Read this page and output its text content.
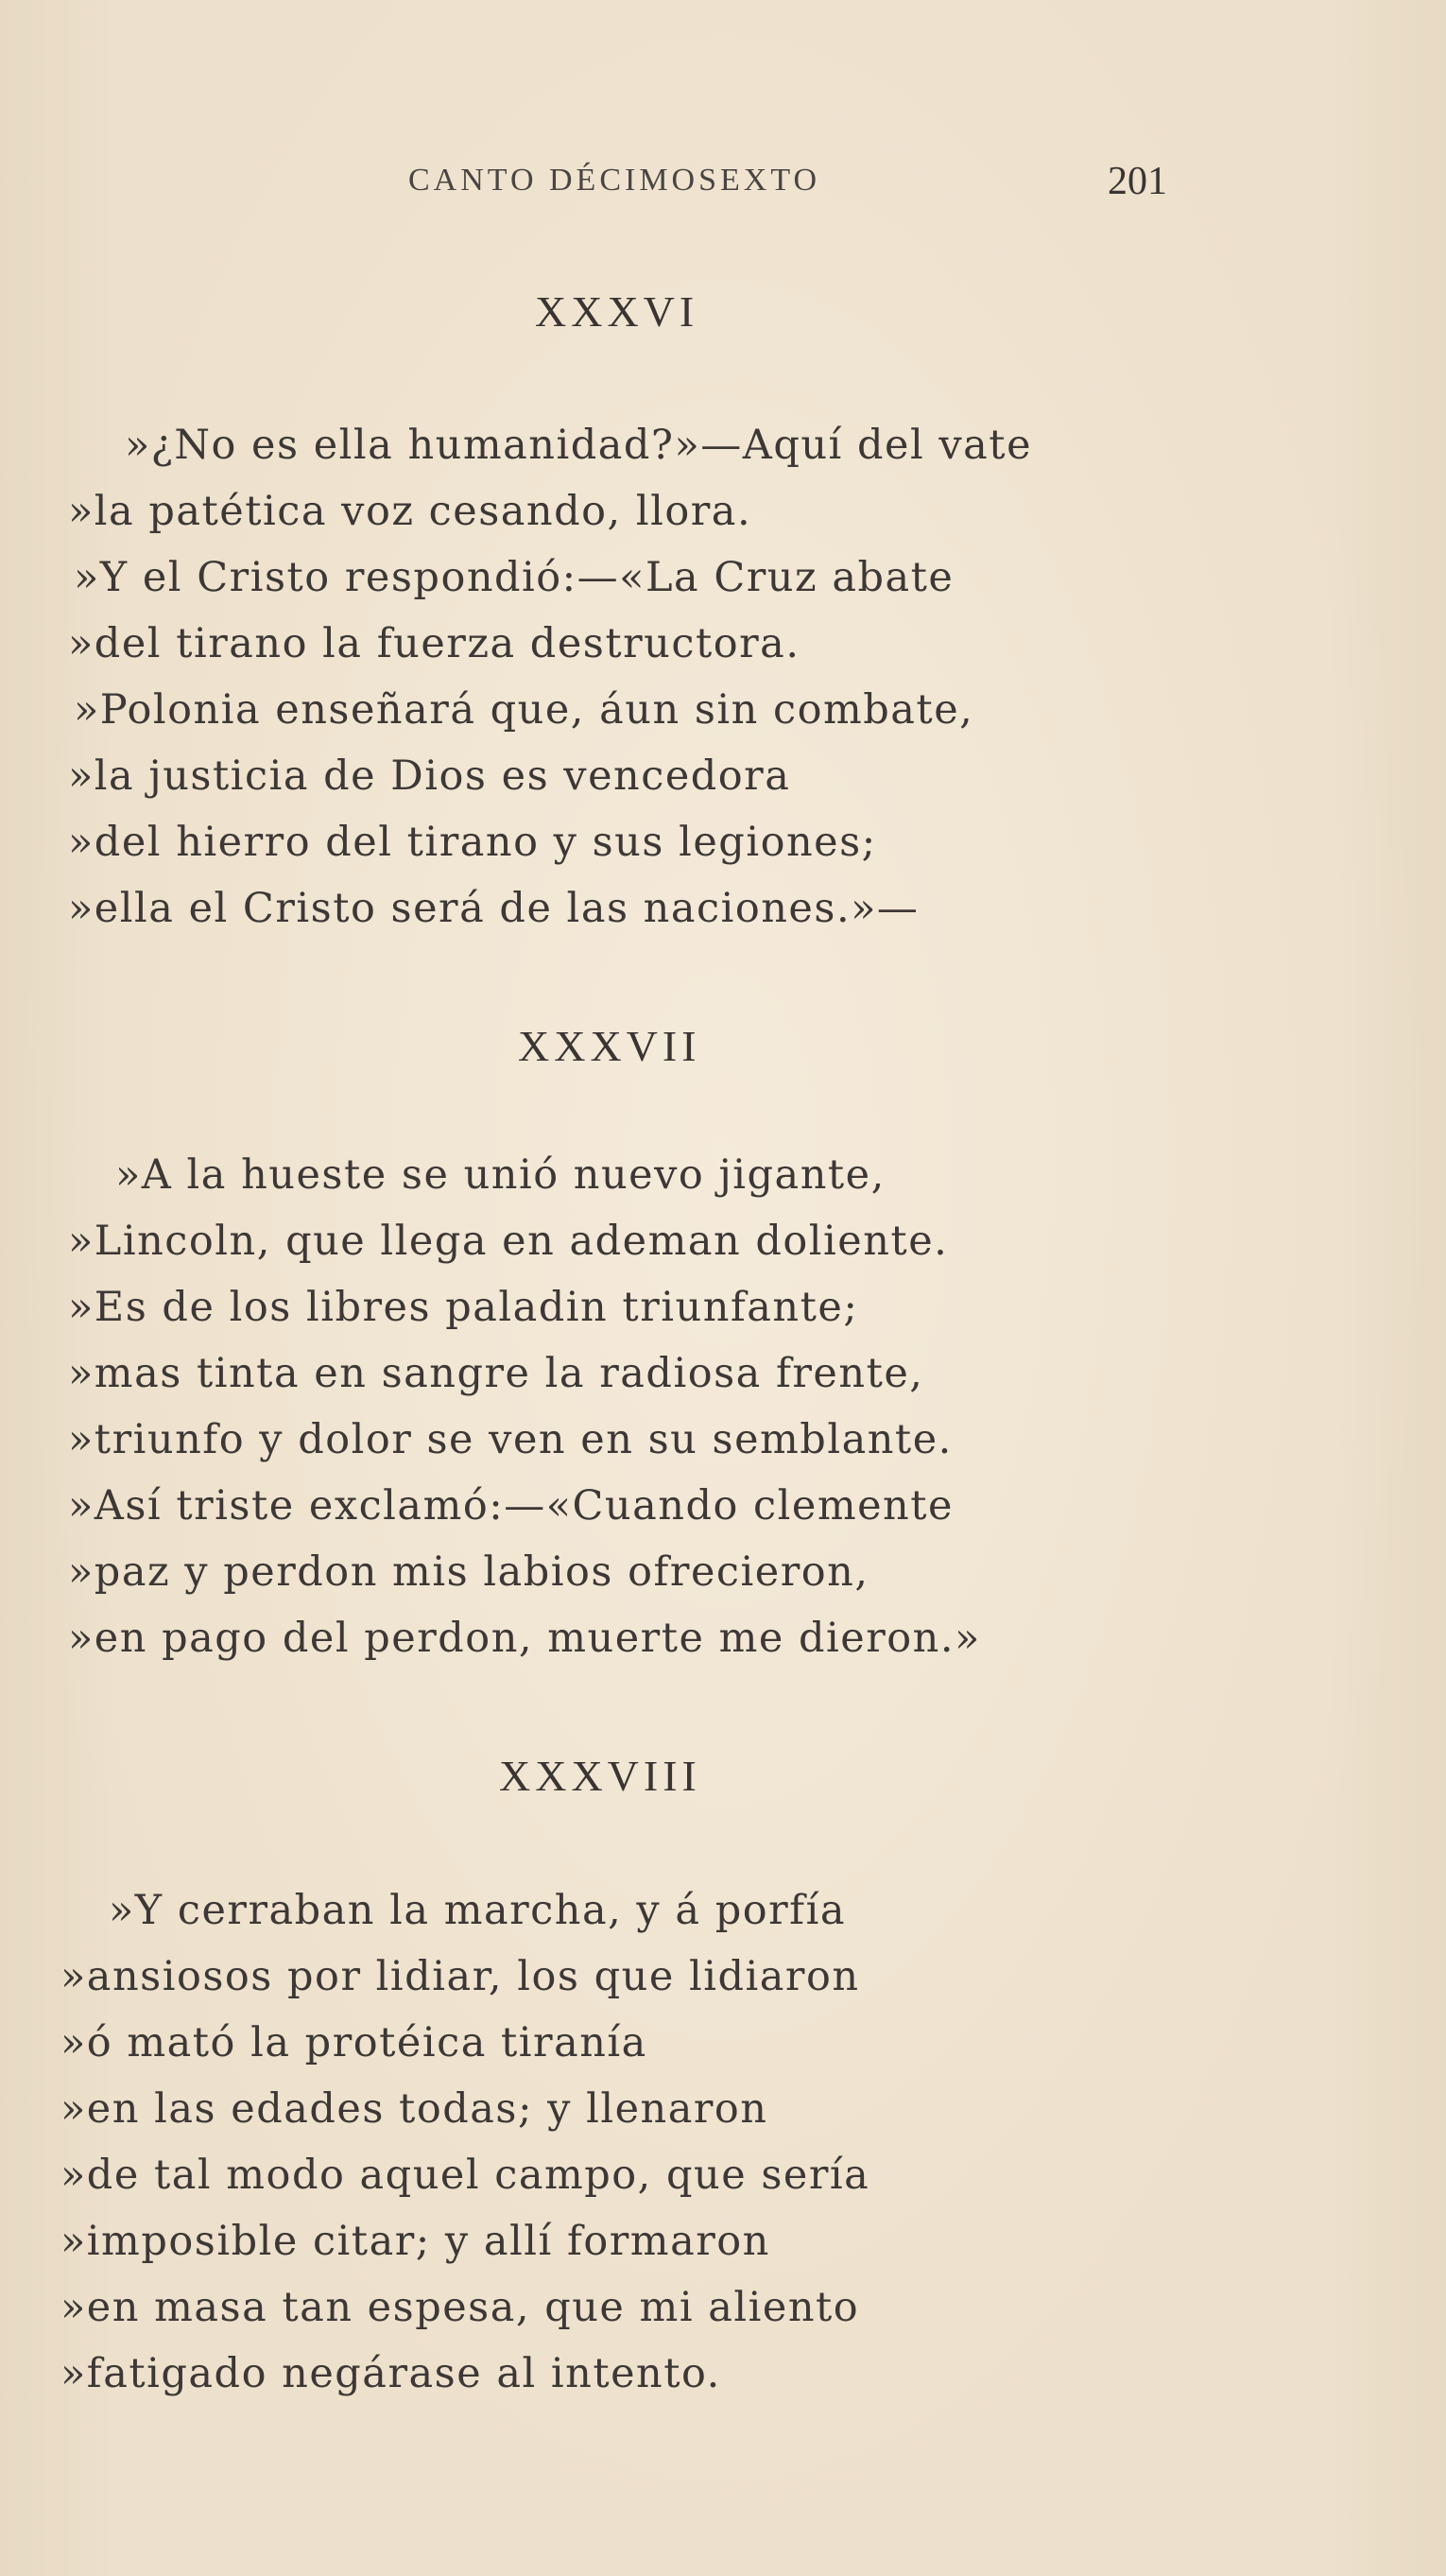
CANTO DÉCIMOSEXTO	201
XXXVI
»¿No es ella humanidad?»—Aquí del vate
»la patética voz cesando, llora.
»Y el Cristo respondió:—«La Cruz abate
»del tirano la fuerza destructora.
»Polonia enseñará que, áun sin combate,
»la justicia de Dios es vencedora
»del hierro del tirano y sus legiones;
»ella el Cristo será de las naciones.»—
XXXVII
»A la hueste se unió nuevo jigante,
»Lincoln, que llega en ademan doliente.
»Es de los libres paladin triunfante;
»mas tinta en sangre la radiosa frente,
»triunfo y dolor se ven en su semblante.
»Así triste exclamó:—«Cuando clemente
»paz y perdon mis labios ofrecieron,
»en pago del perdon, muerte me dieron.»
XXXVIII
»Y cerraban la marcha, y á porfía
»ansiosos por lidiar, los que lidiaron
»ó mató la protéica tiranía
»en las edades todas; y llenaron
»de tal modo aquel campo, que sería
»imposible citar; y allí formaron
»en masa tan espesa, que mi aliento
»fatigado negárase al intento.
